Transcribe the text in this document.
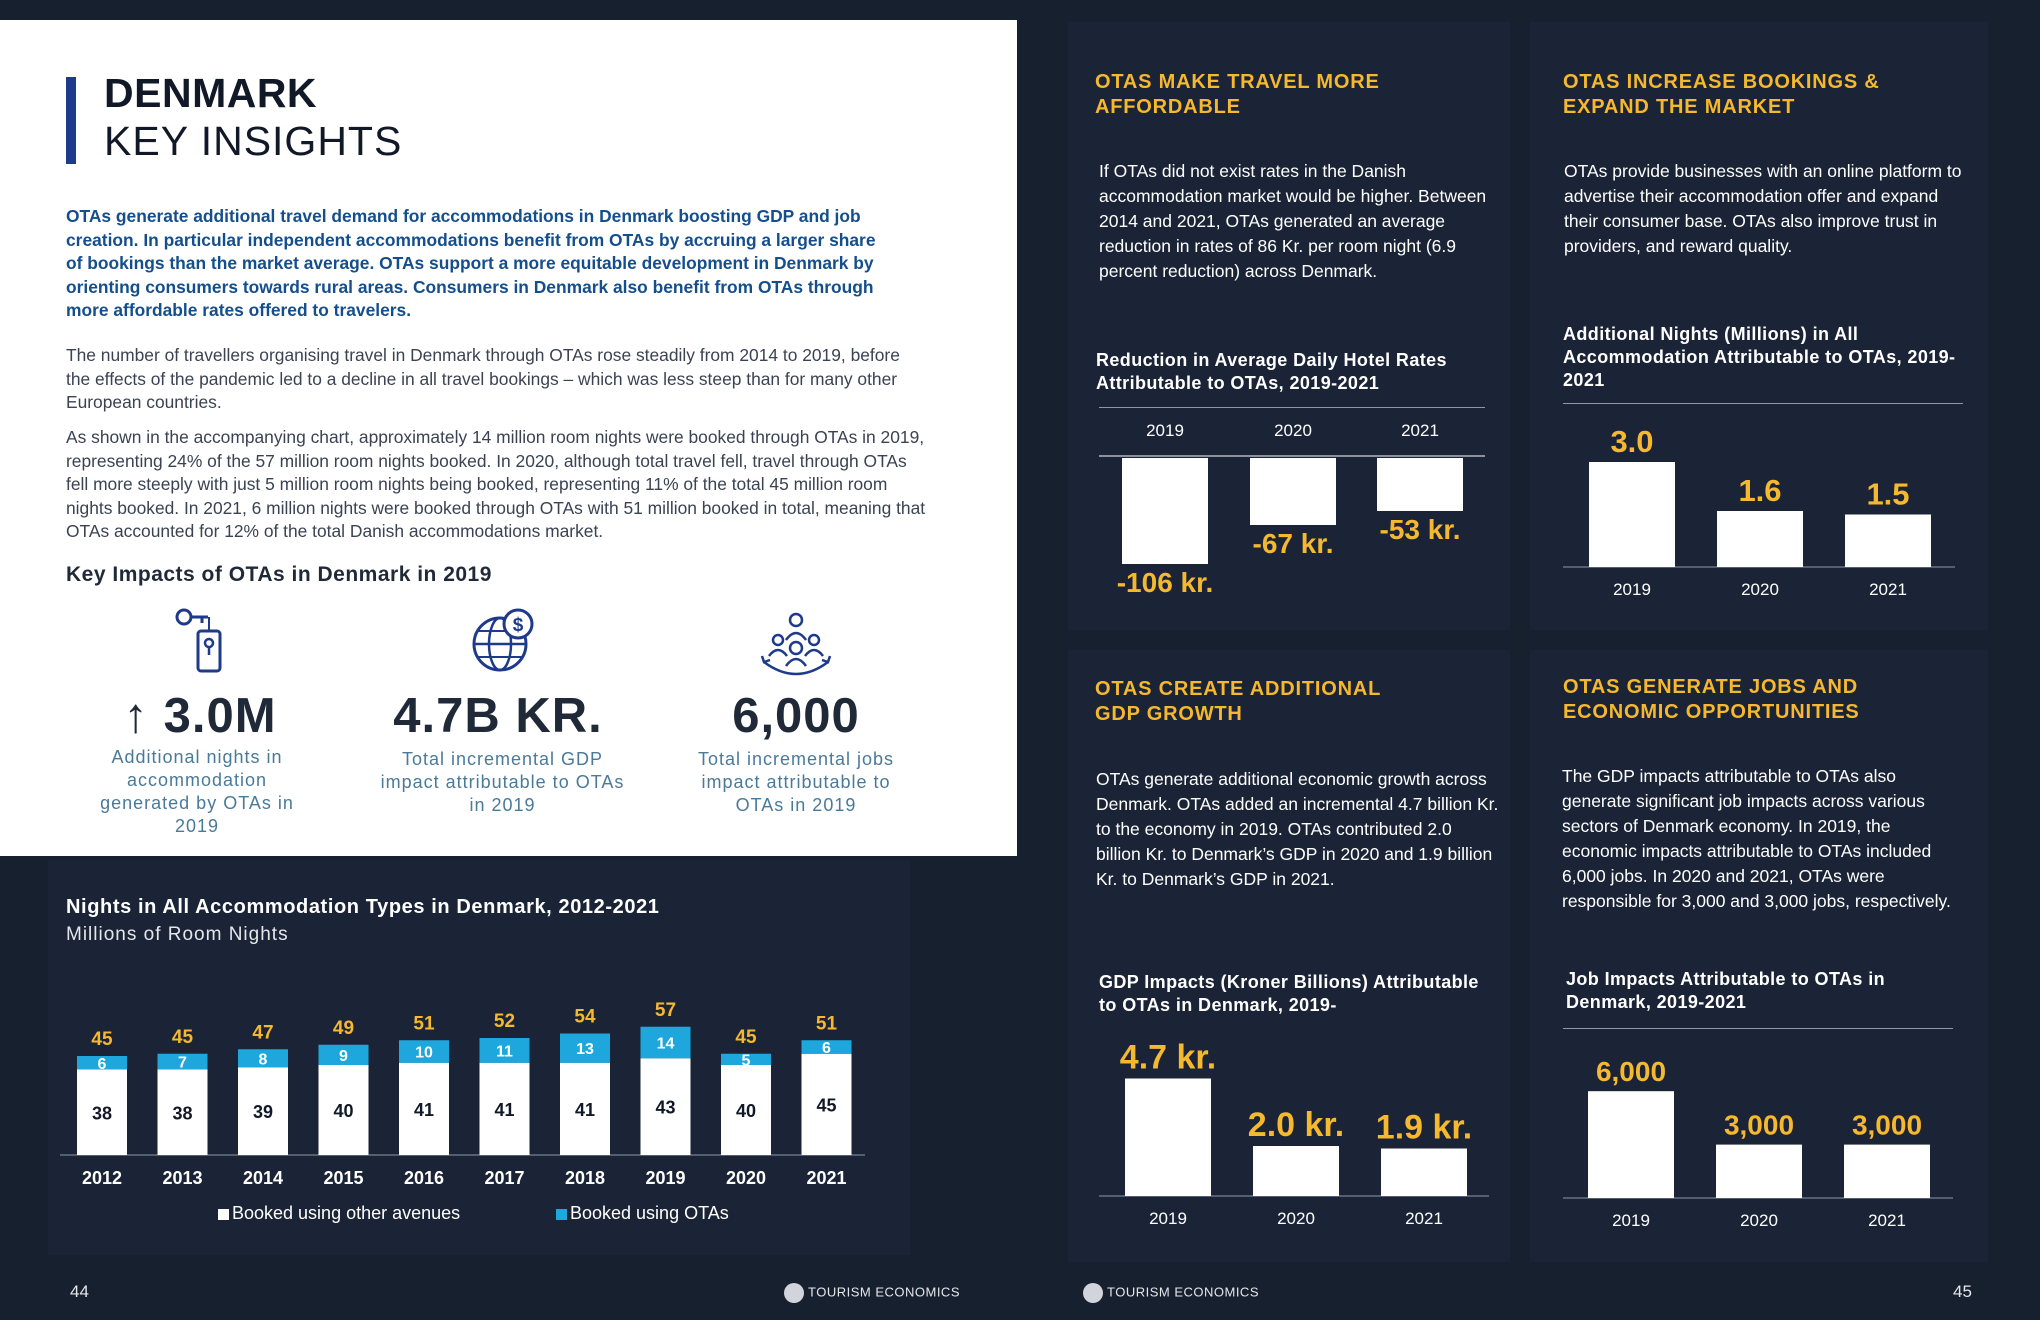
DENMARK
KEY INSIGHTS
OTAs generate additional travel demand for accommodations in Denmark boosting GDP and job creation. In particular independent accommodations benefit from OTAs by accruing a larger share of bookings than the market average. OTAs support a more equitable development in Denmark by orienting consumers towards rural areas. Consumers in Denmark also benefit from OTAs through more affordable rates offered to travelers.
The number of travellers organising travel in Denmark through OTAs rose steadily from 2014 to 2019, before the effects of the pandemic led to a decline in all travel bookings – which was less steep than for many other European countries.
As shown in the accompanying chart, approximately 14 million room nights were booked through OTAs in 2019, representing 24% of the 57 million room nights booked. In 2020, although total travel fell, travel through OTAs fell more steeply with just 5 million room nights being booked, representing 11% of the total 45 million room nights booked. In 2021, 6 million nights were booked through OTAs with 51 million booked in total, meaning that OTAs accounted for 12% of the total Danish accommodations market.
Key Impacts of OTAs in Denmark in 2019
$
↑ 3.0M
Additional nights in accommodation generated by OTAs in 2019
4.7B KR.
Total incremental GDP impact attributable to OTAs in 2019
6,000
Total incremental jobs impact attributable to OTAs in 2019
Nights in All Accommodation Types in Denmark, 2012-2021
Millions of Room Nights
38
6
45
2012
38
7
45
2013
39
8
47
2014
40
9
49
2015
41
10
51
2016
41
11
52
2017
41
13
54
2018
43
14
57
2019
40
5
45
2020
45
6
51
2021
Booked using other avenues	Booked using OTAs
OTAS MAKE TRAVEL MORE AFFORDABLE
If OTAs did not exist rates in the Danish accommodation market would be higher. Between 2014 and 2021, OTAs generated an average reduction in rates of 86 Kr. per room night (6.9 percent reduction) across Denmark.
Reduction in Average Daily Hotel Rates Attributable to OTAs, 2019-2021
2019
-106 kr.
2020
-67 kr.
2021
-53 kr.
OTAS INCREASE BOOKINGS & EXPAND THE MARKET
OTAs provide businesses with an online platform to advertise their accommodation offer and expand their consumer base. OTAs also improve trust in providers, and reward quality.
Additional Nights (Millions) in All Accommodation Attributable to OTAs, 2019-2021
3.0
2019
1.6
2020
1.5
2021
OTAS CREATE ADDITIONAL GDP GROWTH
OTAs generate additional economic growth across Denmark. OTAs added an incremental 4.7 billion Kr. to the economy in 2019. OTAs contributed 2.0 billion Kr. to Denmark’s GDP in 2020 and 1.9 billion Kr. to Denmark’s GDP in 2021.
GDP Impacts (Kroner Billions) Attributable to OTAs in Denmark, 2019-
4.7 kr.
2019
2.0 kr.
2020
1.9 kr.
2021
OTAS GENERATE JOBS AND ECONOMIC OPPORTUNITIES
The GDP impacts attributable to OTAs also generate significant job impacts across various sectors of Denmark economy. In 2019, the economic impacts attributable to OTAs included 6,000 jobs. In 2020 and 2021, OTAs were responsible for 3,000 and 3,000 jobs, respectively.
Job Impacts Attributable to OTAs in Denmark, 2019-2021
6,000
2019
3,000
2020
3,000
2021
44	TOURISM ECONOMICS	TOURISM ECONOMICS	45
